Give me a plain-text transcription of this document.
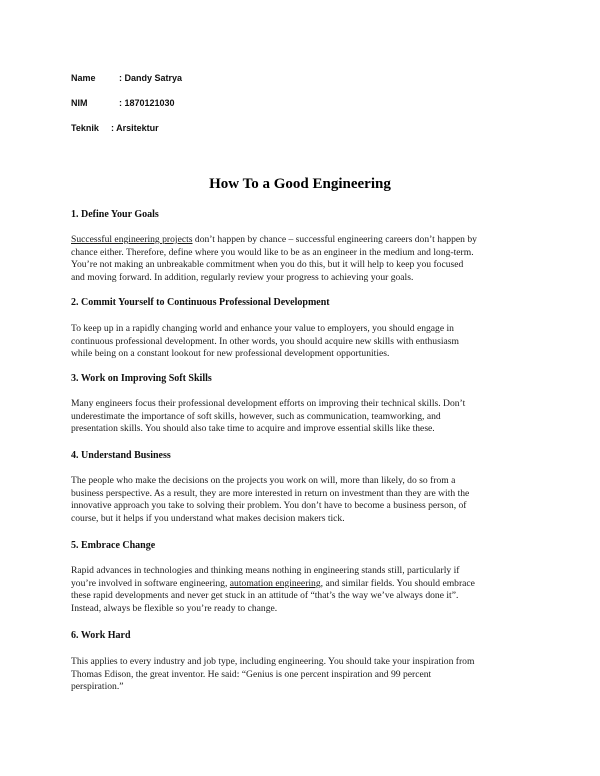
Name	: Dandy Satrya
NIM	: 1870121030
Teknik : Arsitektur
How To a Good Engineering
1. Define Your Goals
Successful engineering projects don’t happen by chance – successful engineering careers don’t happen by
chance either. Therefore, define where you would like to be as an engineer in the medium and long-term.
You’re not making an unbreakable commitment when you do this, but it will help to keep you focused
and moving forward. In addition, regularly review your progress to achieving your goals.
2. Commit Yourself to Continuous Professional Development
To keep up in a rapidly changing world and enhance your value to employers, you should engage in
continuous professional development. In other words, you should acquire new skills with enthusiasm
while being on a constant lookout for new professional development opportunities.
3. Work on Improving Soft Skills
Many engineers focus their professional development efforts on improving their technical skills. Don’t
underestimate the importance of soft skills, however, such as communication, teamworking, and
presentation skills. You should also take time to acquire and improve essential skills like these.
4. Understand Business
The people who make the decisions on the projects you work on will, more than likely, do so from a
business perspective. As a result, they are more interested in return on investment than they are with the
innovative approach you take to solving their problem. You don’t have to become a business person, of
course, but it helps if you understand what makes decision makers tick.
5. Embrace Change
Rapid advances in technologies and thinking means nothing in engineering stands still, particularly if
you’re involved in software engineering, automation engineering, and similar fields. You should embrace
these rapid developments and never get stuck in an attitude of “that’s the way we’ve always done it”.
Instead, always be flexible so you’re ready to change.
6. Work Hard
This applies to every industry and job type, including engineering. You should take your inspiration from
Thomas Edison, the great inventor. He said: “Genius is one percent inspiration and 99 percent
perspiration.”
